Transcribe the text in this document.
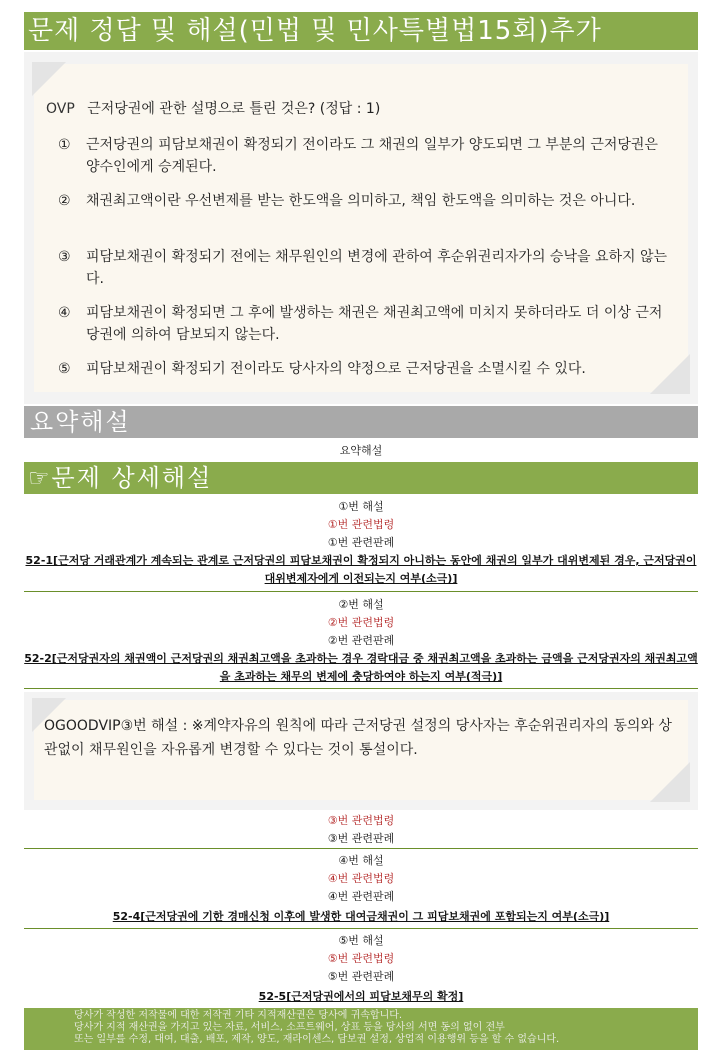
문제 정답 및 해설(민법 및 민사특별법15회)추가
OVP 근저당권에 관한 설명으로 틀린 것은? (정답 : 1)
①	근저당권의 피담보채권이 확정되기 전이라도 그 채권의 일부가 양도되면 그 부분의 근저당권은 양수인에게 승계된다.
②	채권최고액이란 우선변제를 받는 한도액을 의미하고, 책임 한도액을 의미하는 것은 아니다.
③	피담보채권이 확정되기 전에는 채무원인의 변경에 관하여 후순위권리자가의 승낙을 요하지 않는다.
④	피담보채권이 확정되면 그 후에 발생하는 채권은 채권최고액에 미치지 못하더라도 더 이상 근저당권에 의하여 담보되지 않는다.
⑤	피담보채권이 확정되기 전이라도 당사자의 약정으로 근저당권을 소멸시킬 수 있다.
요약해설
요약해설
☞문제 상세해설
①번 해설
①번 관련법령
①번 관련판례
52-1[근저당 거래관계가 계속되는 관계로 근저당권의 피담보채권이 확정되지 아니하는 동안에 채권의 일부가 대위변제된 경우, 근저당권이 대위변제자에게 이전되는지 여부(소극)]
②번 해설
②번 관련법령
②번 관련판례
52-2[근저당권자의 채권액이 근저당권의 채권최고액을 초과하는 경우 경락대금 중 채권최고액을 초과하는 금액을 근저당권자의 채권최고액을 초과하는 채무의 변제에 충당하여야 하는지 여부(적극)]
OGOODVIP③번 해설 : ※계약자유의 원칙에 따라 근저당권 설정의 당사자는 후순위권리자의 동의와 상관없이 채무원인을 자유롭게 변경할 수 있다는 것이 통설이다.
③번 관련법령
③번 관련판례
④번 해설
④번 관련법령
④번 관련판례
52-4[근저당권에 기한 경매신청 이후에 발생한 대여금채권이 그 피담보채권에 포함되는지 여부(소극)]
⑤번 해설
⑤번 관련법령
⑤번 관련판례
52-5[근저당권에서의 피담보채무의 확정]
당사가 작성한 저작물에 대한 저작권 기타 지적재산권은 당사에 귀속합니다.
당사가 지적 재산권을 가지고 있는 자료, 서비스, 소프트웨어, 상표 등을 당사의 서면 동의 없이 전부
또는 일부를 수정, 대여, 대출, 배포, 제작, 양도, 재라이센스, 담보권 설정, 상업적 이용행위 등을 할 수 없습니다.
